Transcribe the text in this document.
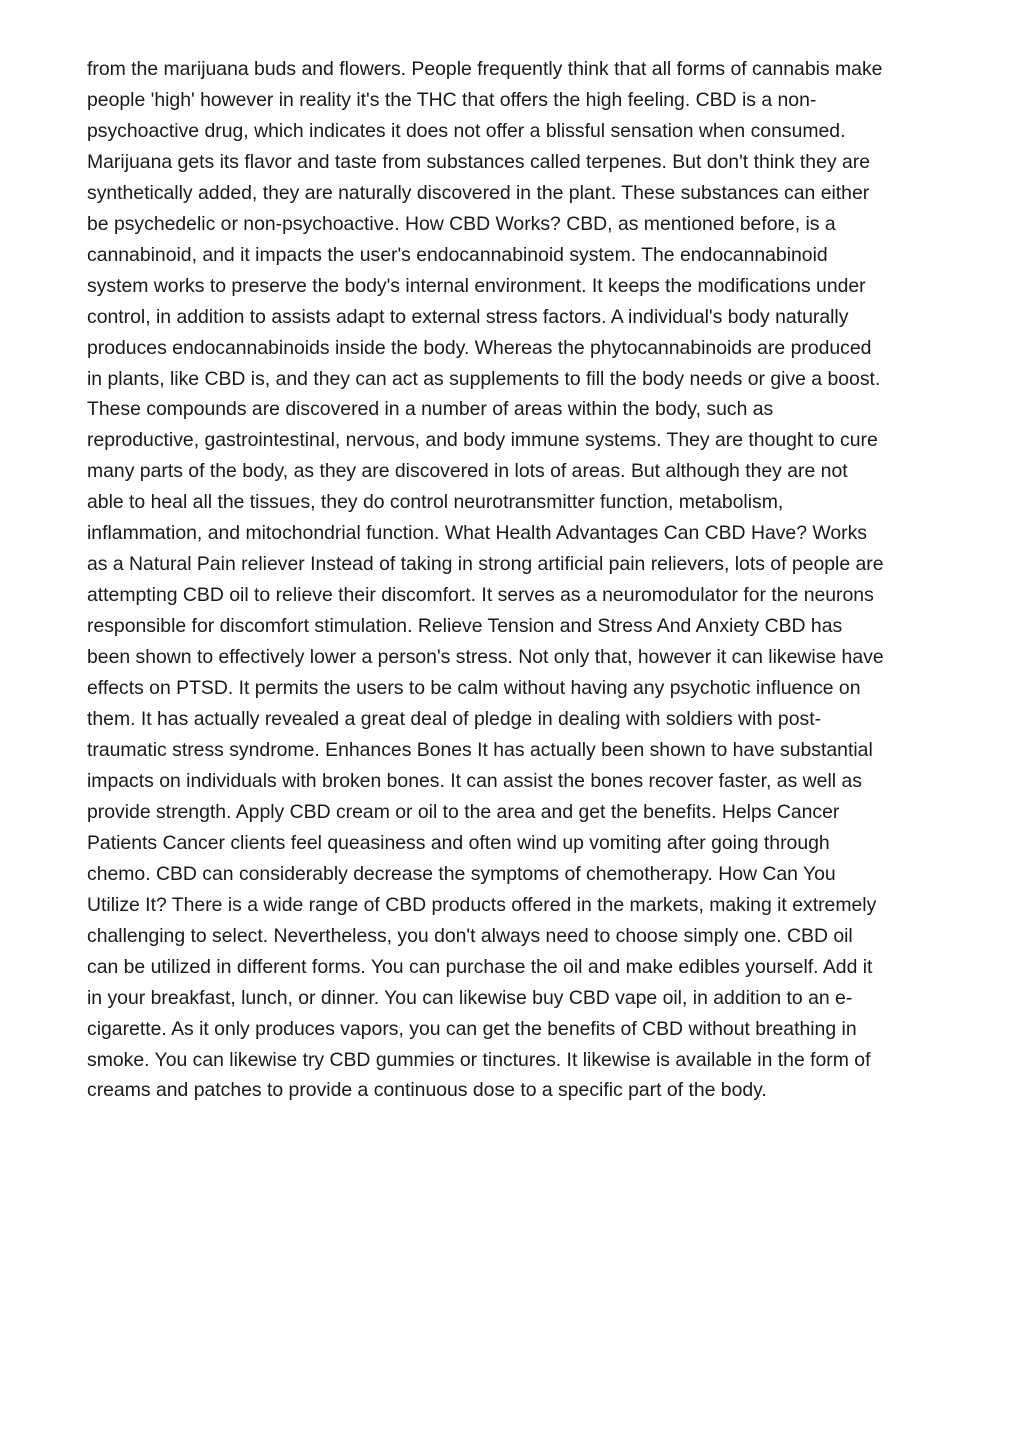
from the marijuana buds and flowers. People frequently think that all forms of cannabis make
people 'high' however in reality it's the THC that offers the high feeling. CBD is a non-
psychoactive drug, which indicates it does not offer a blissful sensation when consumed.
Marijuana gets its flavor and taste from substances called terpenes. But don't think they are
synthetically added, they are naturally discovered in the plant. These substances can either
be psychedelic or non-psychoactive. How CBD Works? CBD, as mentioned before, is a
cannabinoid, and it impacts the user's endocannabinoid system. The endocannabinoid
system works to preserve the body's internal environment. It keeps the modifications under
control, in addition to assists adapt to external stress factors. A individual's body naturally
produces endocannabinoids inside the body. Whereas the phytocannabinoids are produced
in plants, like CBD is, and they can act as supplements to fill the body needs or give a boost.
These compounds are discovered in a number of areas within the body, such as
reproductive, gastrointestinal, nervous, and body immune systems. They are thought to cure
many parts of the body, as they are discovered in lots of areas. But although they are not
able to heal all the tissues, they do control neurotransmitter function, metabolism,
inflammation, and mitochondrial function. What Health Advantages Can CBD Have? Works
as a Natural Pain reliever Instead of taking in strong artificial pain relievers, lots of people are
attempting CBD oil to relieve their discomfort. It serves as a neuromodulator for the neurons
responsible for discomfort stimulation. Relieve Tension and Stress And Anxiety CBD has
been shown to effectively lower a person's stress. Not only that, however it can likewise have
effects on PTSD. It permits the users to be calm without having any psychotic influence on
them. It has actually revealed a great deal of pledge in dealing with soldiers with post-
traumatic stress syndrome. Enhances Bones It has actually been shown to have substantial
impacts on individuals with broken bones. It can assist the bones recover faster, as well as
provide strength. Apply CBD cream or oil to the area and get the benefits. Helps Cancer
Patients Cancer clients feel queasiness and often wind up vomiting after going through
chemo. CBD can considerably decrease the symptoms of chemotherapy. How Can You
Utilize It? There is a wide range of CBD products offered in the markets, making it extremely
challenging to select. Nevertheless, you don't always need to choose simply one. CBD oil
can be utilized in different forms. You can purchase the oil and make edibles yourself. Add it
in your breakfast, lunch, or dinner. You can likewise buy CBD vape oil, in addition to an e-
cigarette. As it only produces vapors, you can get the benefits of CBD without breathing in
smoke. You can likewise try CBD gummies or tinctures. It likewise is available in the form of
creams and patches to provide a continuous dose to a specific part of the body.
